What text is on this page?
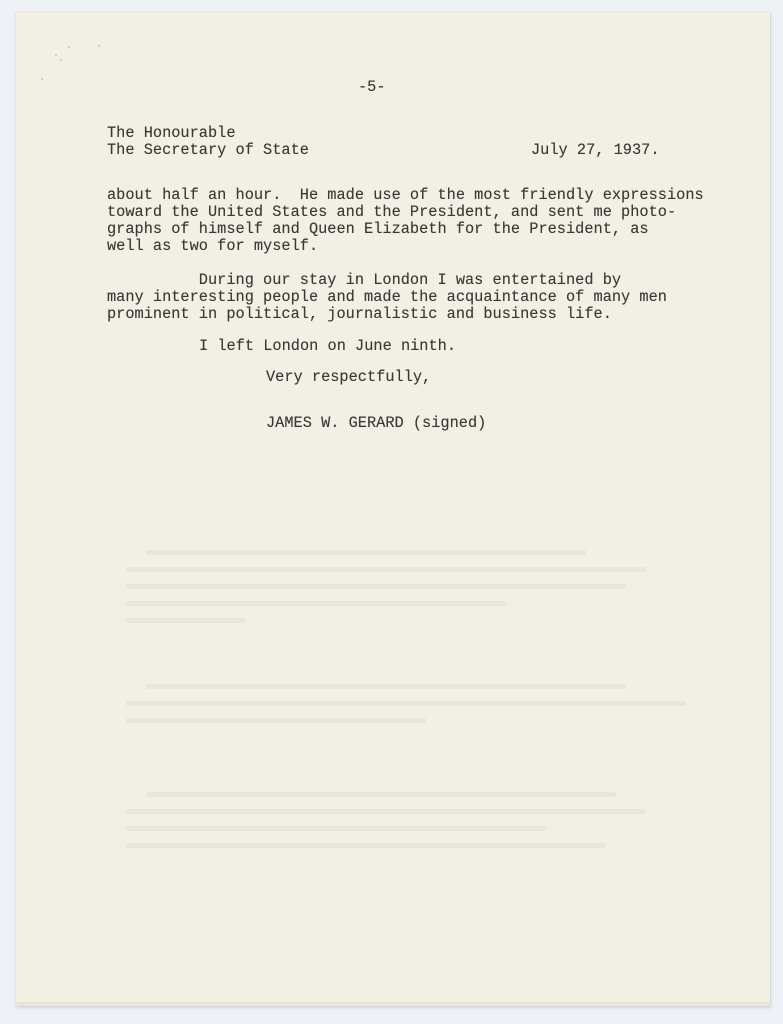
-5-
The Honourable
The Secretary of State	July 27, 1937.
about half an hour.  He made use of the most friendly expressions
toward the United States and the President, and sent me photo-
graphs of himself and Queen Elizabeth for the President, as
well as two for myself.
During our stay in London I was entertained by
many interesting people and made the acquaintance of many men
prominent in political, journalistic and business life.
I left London on June ninth.
Very respectfully,
JAMES W. GERARD (signed)
